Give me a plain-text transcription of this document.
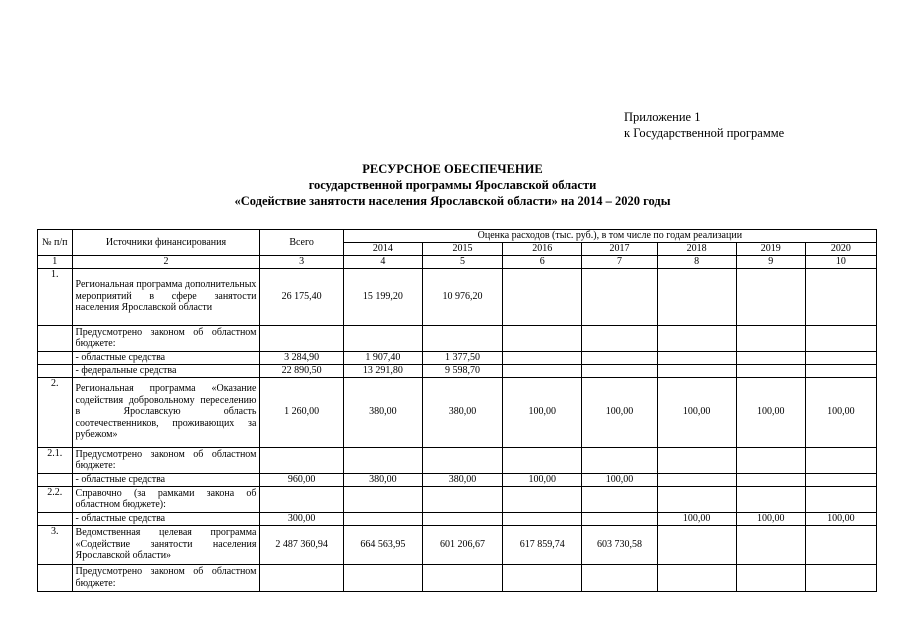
Приложение 1
к Государственной программе
РЕСУРСНОЕ ОБЕСПЕЧЕНИЕ
государственной программы Ярославской области
«Содействие занятости населения Ярославской области» на 2014 – 2020 годы
№ п/п	Источники финансирования	Всего	Оценка расходов (тыс. руб.), в том числе по годам реализации						
			2014	2015	2016	2017	2018	2019	2020
1	2	3	4	5	6	7	8	9	10
1.	Региональная программа дополнительных мероприятий в сфере занятости населения Ярославской области	26 175,40	15 199,20	10 976,20					
	Предусмотрено законом об областном бюджете:								
	- областные средства	3 284,90	1 907,40	1 377,50					
	- федеральные средства	22 890,50	13 291,80	9 598,70					
2.	Региональная программа «Оказание содействия добровольному переселению в Ярославскую область соотечественников, проживающих за рубежом»	1 260,00	380,00	380,00	100,00	100,00	100,00	100,00	100,00
2.1.	Предусмотрено законом об областном бюджете:								
	- областные средства	960,00	380,00	380,00	100,00	100,00			
2.2.	Справочно (за рамками закона об областном бюджете):								
	- областные средства	300,00					100,00	100,00	100,00
3.	Ведомственная целевая программа «Содействие занятости населения Ярославской области»	2 487 360,94	664 563,95	601 206,67	617 859,74	603 730,58			
	Предусмотрено законом об областном бюджете:								
